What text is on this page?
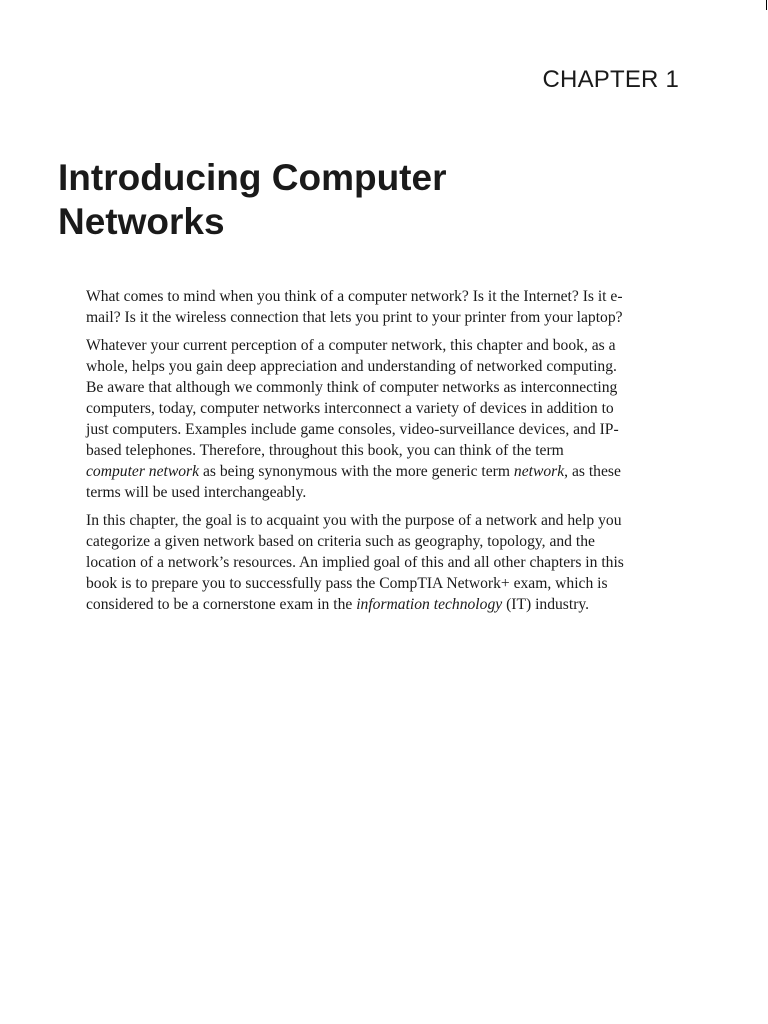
CHAPTER 1
Introducing Computer
Networks

What comes to mind when you think of a computer network? Is it the Internet? Is it e-mail? Is it the wireless connection that lets you print to your printer from your laptop?

Whatever your current perception of a computer network, this chapter and book, as a whole, helps you gain deep appreciation and understanding of networked computing. Be aware that although we commonly think of computer networks as interconnecting computers, today, computer networks interconnect a variety of devices in addition to just computers. Examples include game consoles, video-surveillance devices, and IP-based telephones. Therefore, throughout this book, you can think of the term computer network as being synonymous with the more generic term network, as these terms will be used interchangeably.

In this chapter, the goal is to acquaint you with the purpose of a network and help you categorize a given network based on criteria such as geography, topology, and the location of a network’s resources. An implied goal of this and all other chapters in this book is to prepare you to successfully pass the CompTIA Network+ exam, which is considered to be a cornerstone exam in the information technology (IT) industry.
